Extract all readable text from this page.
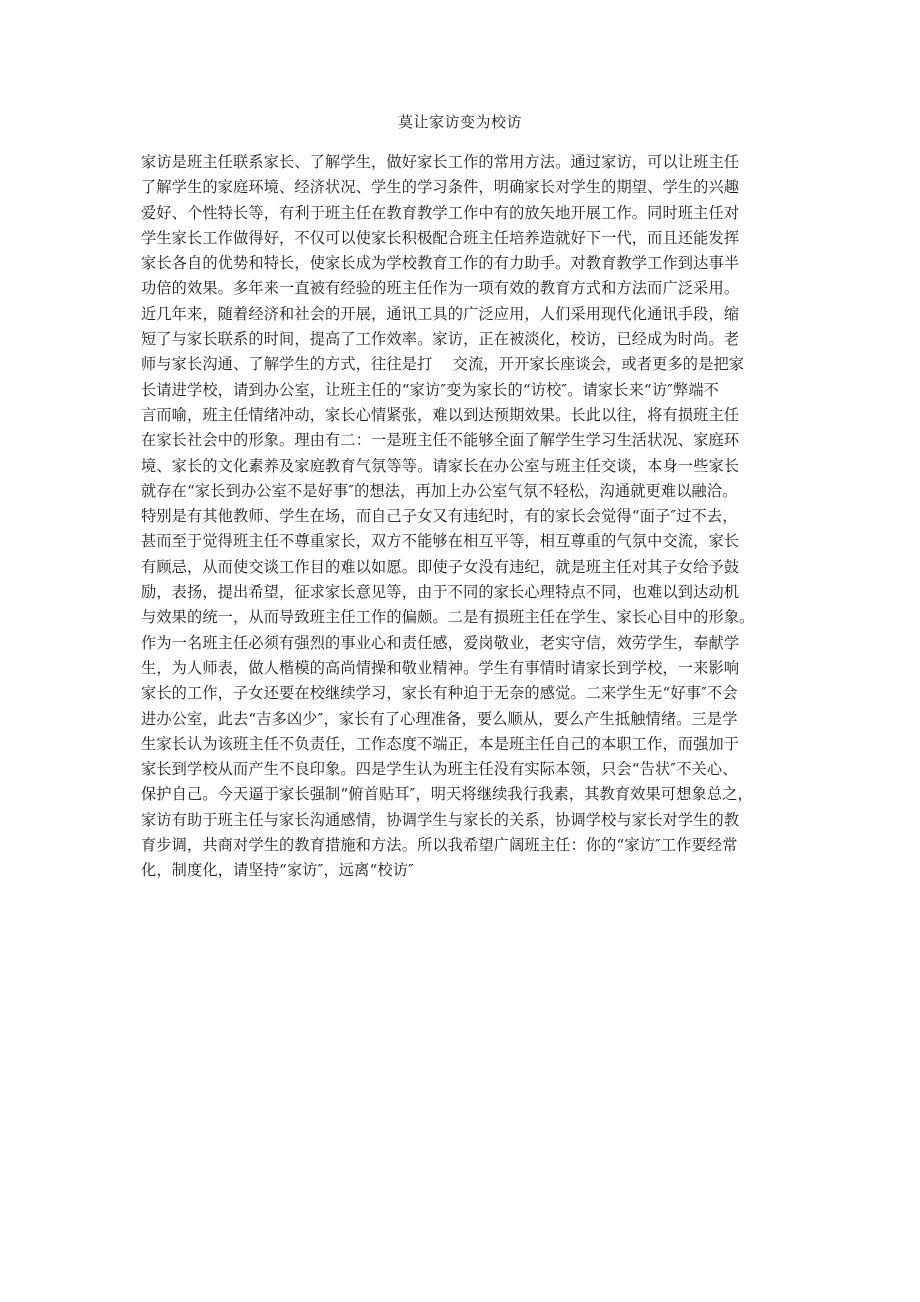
莫让家访变为校访
家访是班主任联系家长、了解学生，做好家长工作的常用方法。通过家访，可以让班主任
了解学生的家庭环境、经济状况、学生的学习条件，明确家长对学生的期望、学生的兴趣
爱好、个性特长等，有利于班主任在教育教学工作中有的放矢地开展工作。同时班主任对
学生家长工作做得好，不仅可以使家长积极配合班主任培养造就好下一代，而且还能发挥
家长各自的优势和特长，使家长成为学校教育工作的有力助手。对教育教学工作到达事半
功倍的效果。多年来一直被有经验的班主任作为一项有效的教育方式和方法而广泛采用。
近几年来，随着经济和社会的开展，通讯工具的广泛应用，人们采用现代化通讯手段，缩
短了与家长联系的时间，提高了工作效率。家访，正在被淡化，校访，已经成为时尚。老
师与家长沟通、了解学生的方式，往往是打　 交流，开开家长座谈会，或者更多的是把家
长请进学校，请到办公室，让班主任的“家访″变为家长的“访校″。请家长来“访″弊端不
言而喻，班主任情绪冲动，家长心情紧张，难以到达预期效果。长此以往，将有损班主任
在家长社会中的形象。理由有二：一是班主任不能够全面了解学生学习生活状况、家庭环
境、家长的文化素养及家庭教育气氛等等。请家长在办公室与班主任交谈，本身一些家长
就存在“家长到办公室不是好事″的想法，再加上办公室气氛不轻松，沟通就更难以融洽。
特别是有其他教师、学生在场，而自己子女又有违纪时，有的家长会觉得“面子″过不去，
甚而至于觉得班主任不尊重家长，双方不能够在相互平等，相互尊重的气氛中交流，家长
有顾忌，从而使交谈工作目的难以如愿。即使子女没有违纪，就是班主任对其子女给予鼓
励，表扬，提出希望，征求家长意见等，由于不同的家长心理特点不同，也难以到达动机
与效果的统一，从而导致班主任工作的偏颇。二是有损班主任在学生、家长心目中的形象。
作为一名班主任必须有强烈的事业心和责任感，爱岗敬业，老实守信，效劳学生，奉献学
生，为人师表，做人楷模的高尚情操和敬业精神。学生有事情时请家长到学校，一来影响
家长的工作，子女还要在校继续学习，家长有种迫于无奈的感觉。二来学生无“好事″不会
进办公室，此去“吉多凶少″，家长有了心理准备，要么顺从，要么产生抵触情绪。三是学
生家长认为该班主任不负责任，工作态度不端正，本是班主任自己的本职工作，而强加于
家长到学校从而产生不良印象。四是学生认为班主任没有实际本领，只会“告状″不关心、
保护自己。今天逼于家长强制“俯首贴耳″，明天将继续我行我素，其教育效果可想象总之，
家访有助于班主任与家长沟通感情，协调学生与家长的关系，协调学校与家长对学生的教
育步调，共商对学生的教育措施和方法。所以我希望广阔班主任：你的“家访″工作要经常
化，制度化，请坚持“家访″，远离“校访″
